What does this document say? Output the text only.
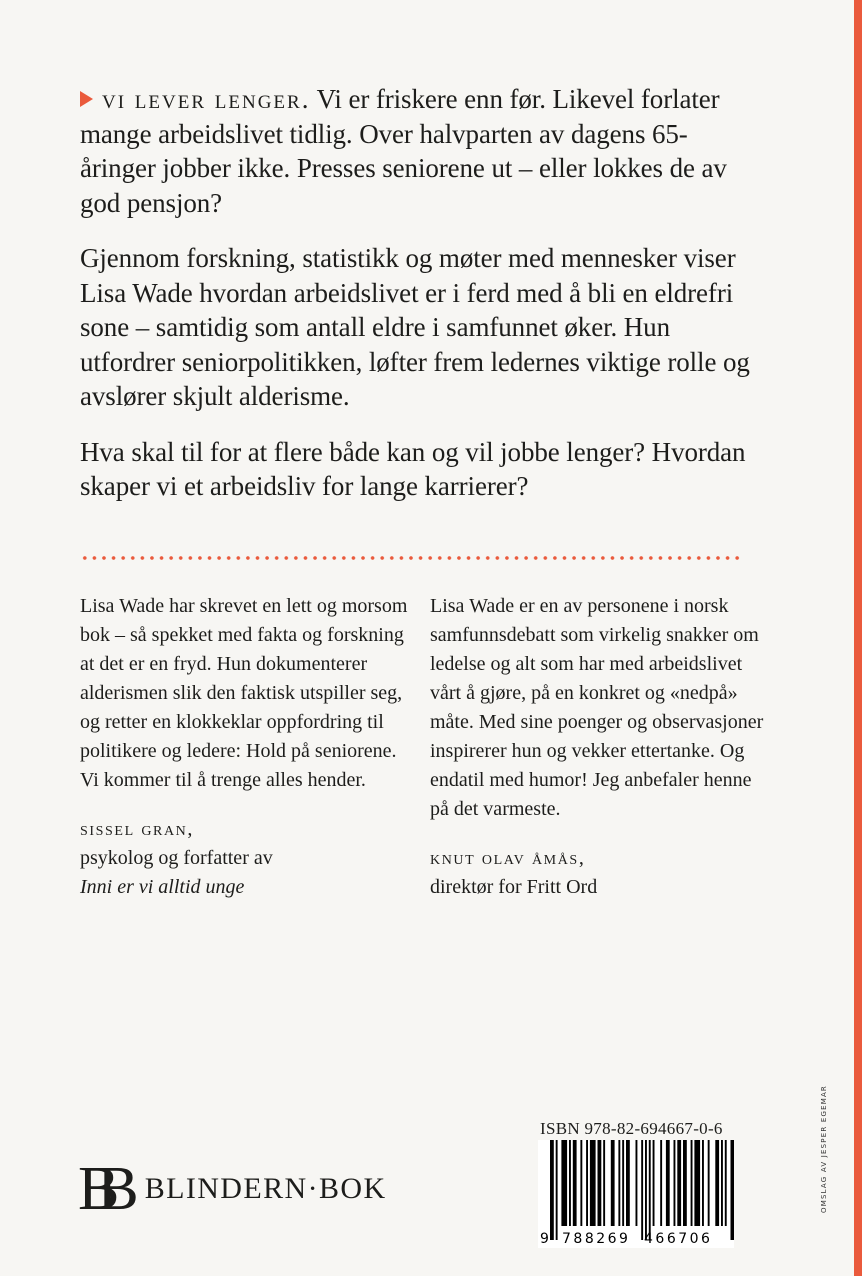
vi lever lenger. Vi er friskere enn før. Likevel forlater mange arbeidslivet tidlig. Over halvparten av dagens 65-åringer jobber ikke. Presses seniorene ut – eller lokkes de av god pensjon?

Gjennom forskning, statistikk og møter med mennesker viser Lisa Wade hvordan arbeidslivet er i ferd med å bli en eldrefri sone – samtidig som antall eldre i samfunnet øker. Hun utfordrer seniorpolitikken, løfter frem ledernes viktige rolle og avslører skjult alderisme.

Hva skal til for at flere både kan og vil jobbe lenger? Hvordan skaper vi et arbeidsliv for lange karrierer?

Lisa Wade har skrevet en lett og morsom bok – så spekket med fakta og forskning at det er en fryd. Hun dokumenterer alderismen slik den faktisk utspiller seg, og retter en klokkeklar oppfordring til politikere og ledere: Hold på seniorene. Vi kommer til å trenge alles hender.

sissel gran,
psykolog og forfatter av
Inni er vi alltid unge

Lisa Wade er en av personene i norsk samfunnsdebatt som virkelig snakker om ledelse og alt som har med arbeidslivet vårt å gjøre, på en konkret og «nedpå» måte. Med sine poenger og observasjoner inspirerer hun og vekker ettertanke. Og endatil med humor! Jeg anbefaler henne på det varmeste.

knut olav åmås,
direktør for Fritt Ord
BB BLINDERN·BOK
ISBN 978-82-694667-0-6
9 788269 466706
OMSLAG AV JESPER EGEMAR
